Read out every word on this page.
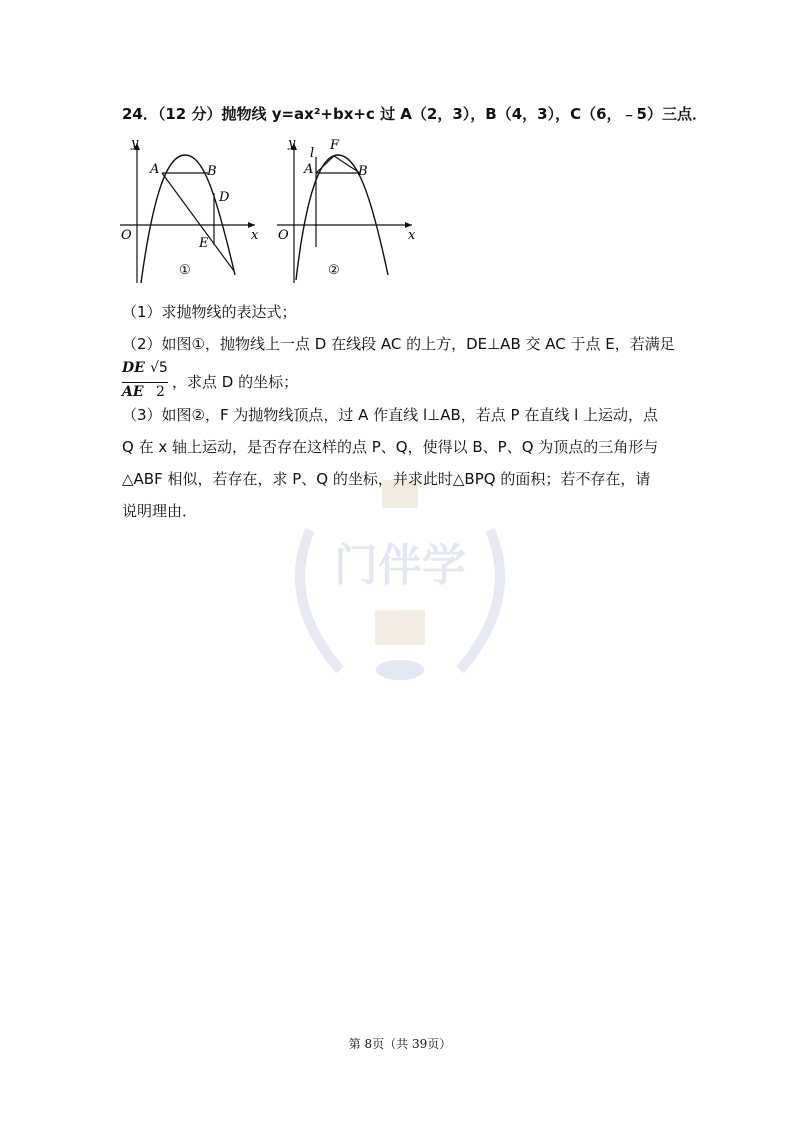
门伴学
24．（12 分）抛物线 y=ax²+bx+c 过 A（2，3），B（4，3），C（6，﹣5）三点．
y
x
O
A	B
D
E
①
y
x
O
A	B
F
l
②
（1）求抛物线的表达式；
（2）如图①，抛物线上一点 D 在线段 AC 的上方，DE⊥AB 交 AC 于点 E，若满足
DE √5
AE 2
，求点 D 的坐标；
（3）如图②，F 为抛物线顶点，过 A 作直线 l⊥AB，若点 P 在直线 l 上运动，点
Q 在 x 轴上运动，是否存在这样的点 P、Q，使得以 B、P、Q 为顶点的三角形与
△ABF 相似，若存在，求 P、Q 的坐标，并求此时△BPQ 的面积；若不存在，请
说明理由．
第 8页（共 39页）
